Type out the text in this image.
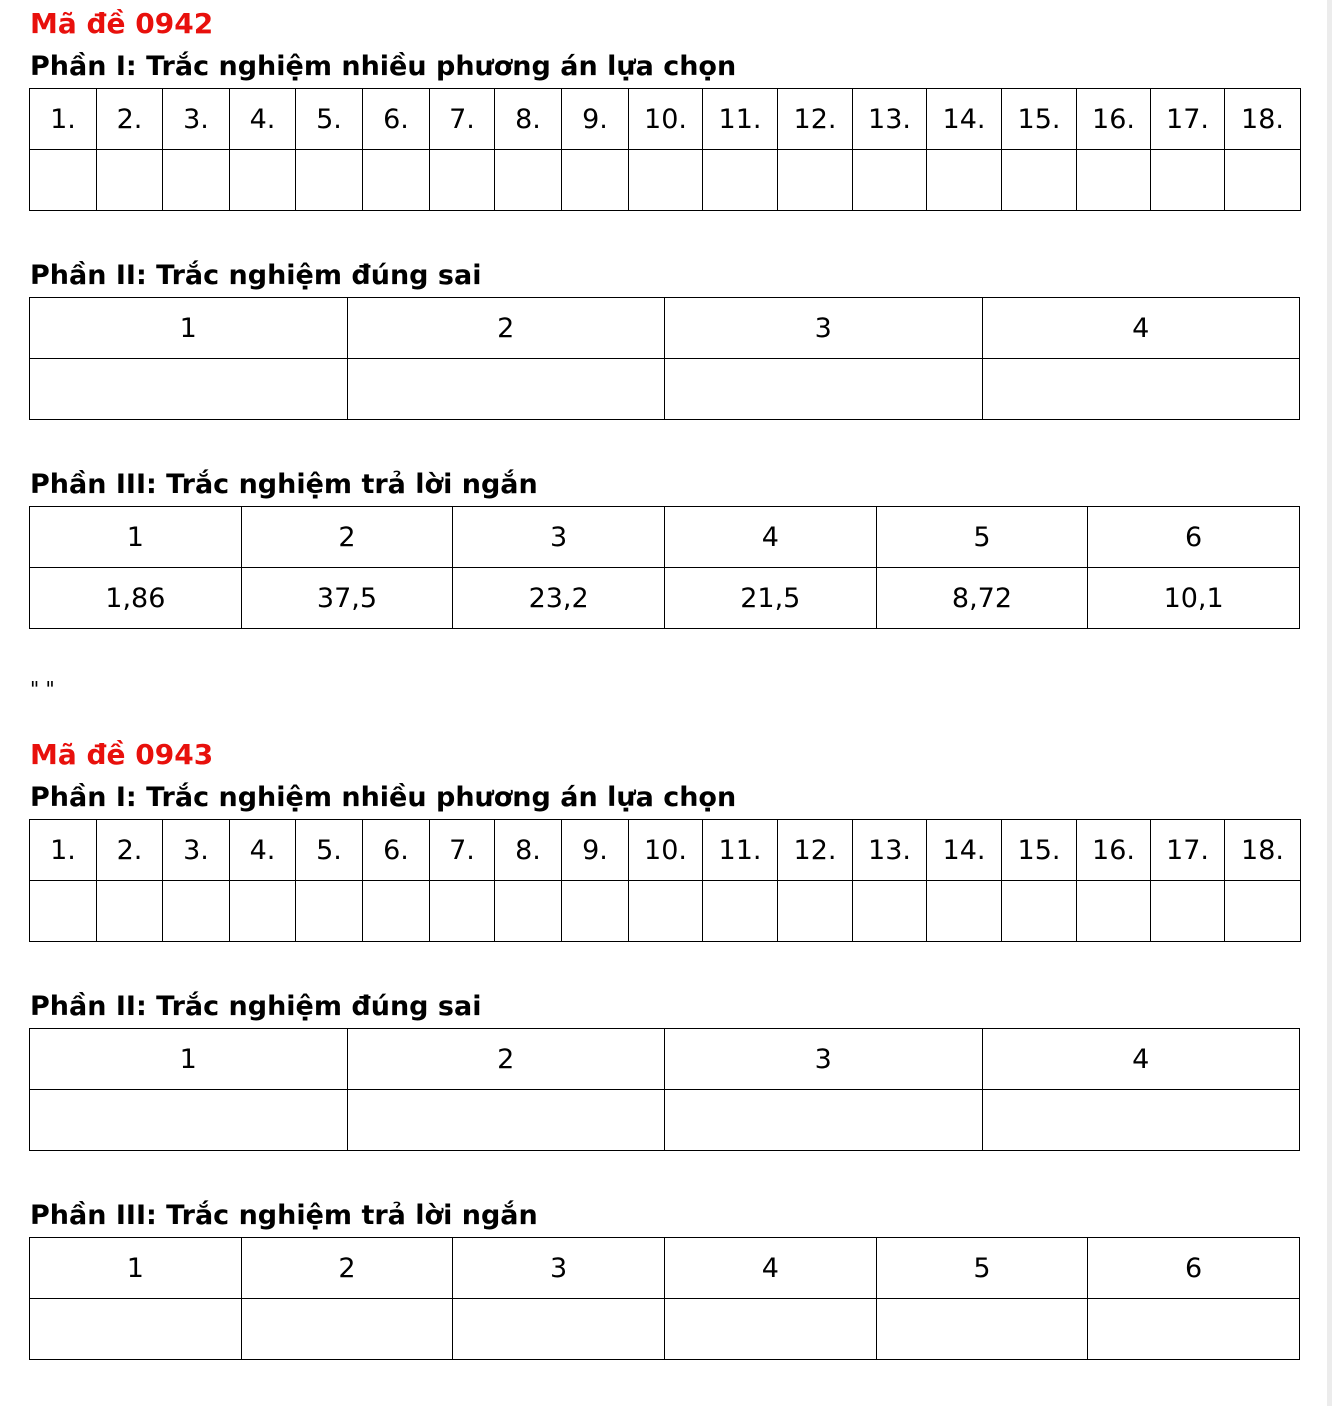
Mã đề 0942
Phần I: Trắc nghiệm nhiều phương án lựa chọn
1.	2.	3.	4.	5.	6.	7.	8.	9.	10.	11.	12.	13.	14.	15.	16.	17.	18.

Phần II: Trắc nghiệm đúng sai
1	2	3	4

Phần III: Trắc nghiệm trả lời ngắn
1	2	3	4	5	6
1,86	37,5	23,2	21,5	8,72	10,1

" "

Mã đề 0943
Phần I: Trắc nghiệm nhiều phương án lựa chọn
1.	2.	3.	4.	5.	6.	7.	8.	9.	10.	11.	12.	13.	14.	15.	16.	17.	18.

Phần II: Trắc nghiệm đúng sai
1	2	3	4

Phần III: Trắc nghiệm trả lời ngắn
1	2	3	4	5	6
